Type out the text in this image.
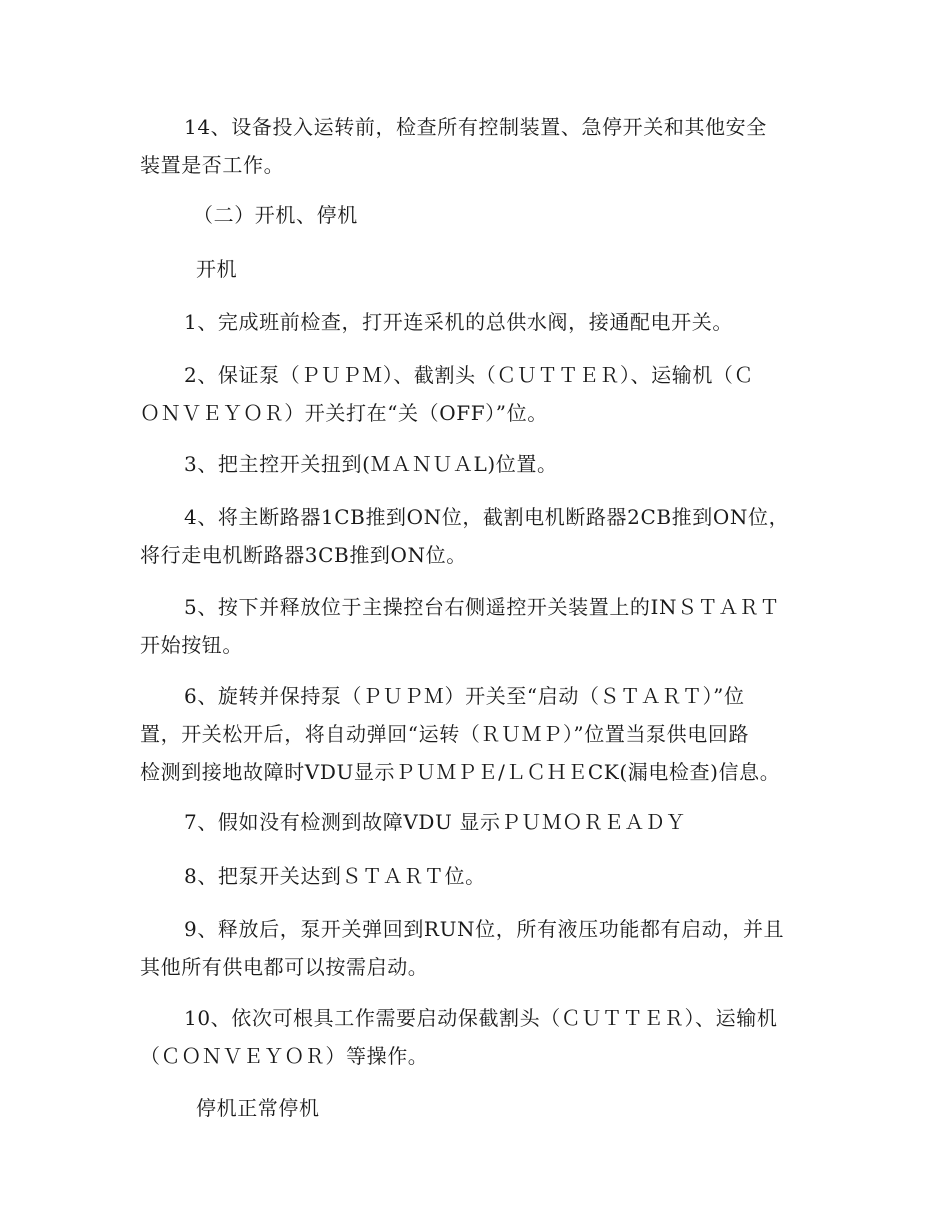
14、设备投入运转前，检查所有控制装置、急停开关和其他安全
装置是否工作。
（二）开机、停机
开机
1、完成班前检查，打开连采机的总供水阀，接通配电开关。
2、保证泵（ＰＵＰＭ）、截割头（ＣＵＴＴＥＲ）、运输机（Ｃ
ＯＮＶＥＹＯＲ）开关打在“关（OFF）”位。
3、把主控开关扭到(ＭＡＮＵＡL)位置。
4、将主断路器1CB推到ON位，截割电机断路器2CB推到ON位，
将行走电机断路器3CB推到ON位。
5、按下并释放位于主操控台右侧遥控开关装置上的INＳＴＡＲＴ
开始按钮。
6、旋转并保持泵（ＰＵＰＭ）开关至“启动（ＳＴＡＲＴ）”位
置，开关松开后，将自动弹回“运转（ＲＵＭＰ）”位置当泵供电回路
检测到接地故障时VDU显示ＰＵＭＰＥ/ＬＣＨＥCK(漏电检查)信息。
7、假如没有检测到故障VDU 显示ＰＵＭＯＲＥＡＤＹ
8、把泵开关达到ＳＴＡＲＴ位。
9、释放后，泵开关弹回到RUN位，所有液压功能都有启动，并且
其他所有供电都可以按需启动。
10、依次可根具工作需要启动保截割头（ＣＵＴＴＥＲ）、运输机
（ＣＯＮＶＥＹＯＲ）等操作。
停机正常停机
